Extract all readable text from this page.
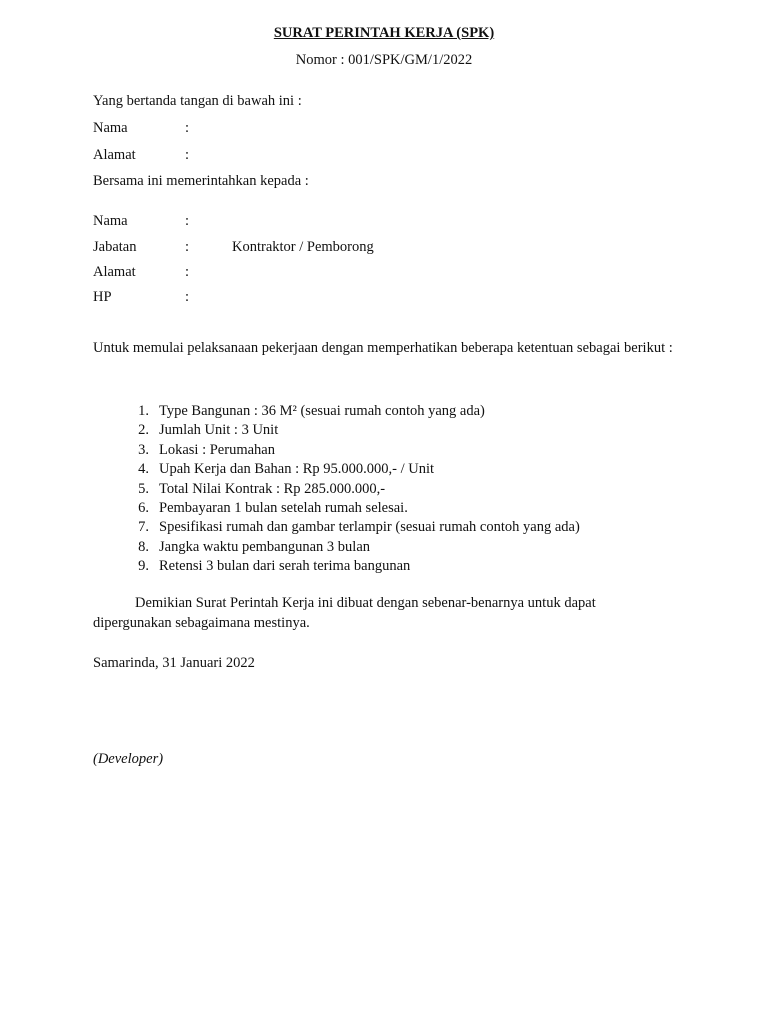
SURAT PERINTAH KERJA (SPK)
Nomor : 001/SPK/GM/1/2022
Yang bertanda tangan di bawah ini :
Nama	:
Alamat	:
Bersama ini memerintahkan kepada :
Nama	:
Jabatan	:	Kontraktor / Pemborong
Alamat	:
HP	:
Untuk memulai pelaksanaan pekerjaan dengan memperhatikan beberapa ketentuan sebagai berikut :
1. Type Bangunan : 36 M² (sesuai rumah contoh yang ada)
2. Jumlah Unit : 3 Unit
3. Lokasi : Perumahan
4. Upah Kerja dan Bahan : Rp 95.000.000,- / Unit
5. Total Nilai Kontrak : Rp 285.000.000,-
6. Pembayaran 1 bulan setelah rumah selesai.
7. Spesifikasi rumah dan gambar terlampir (sesuai rumah contoh yang ada)
8. Jangka waktu pembangunan 3 bulan
9. Retensi 3 bulan dari serah terima bangunan
Demikian Surat Perintah Kerja ini dibuat dengan sebenar-benarnya untuk dapat dipergunakan sebagaimana mestinya.
Samarinda, 31 Januari 2022
(Developer)
